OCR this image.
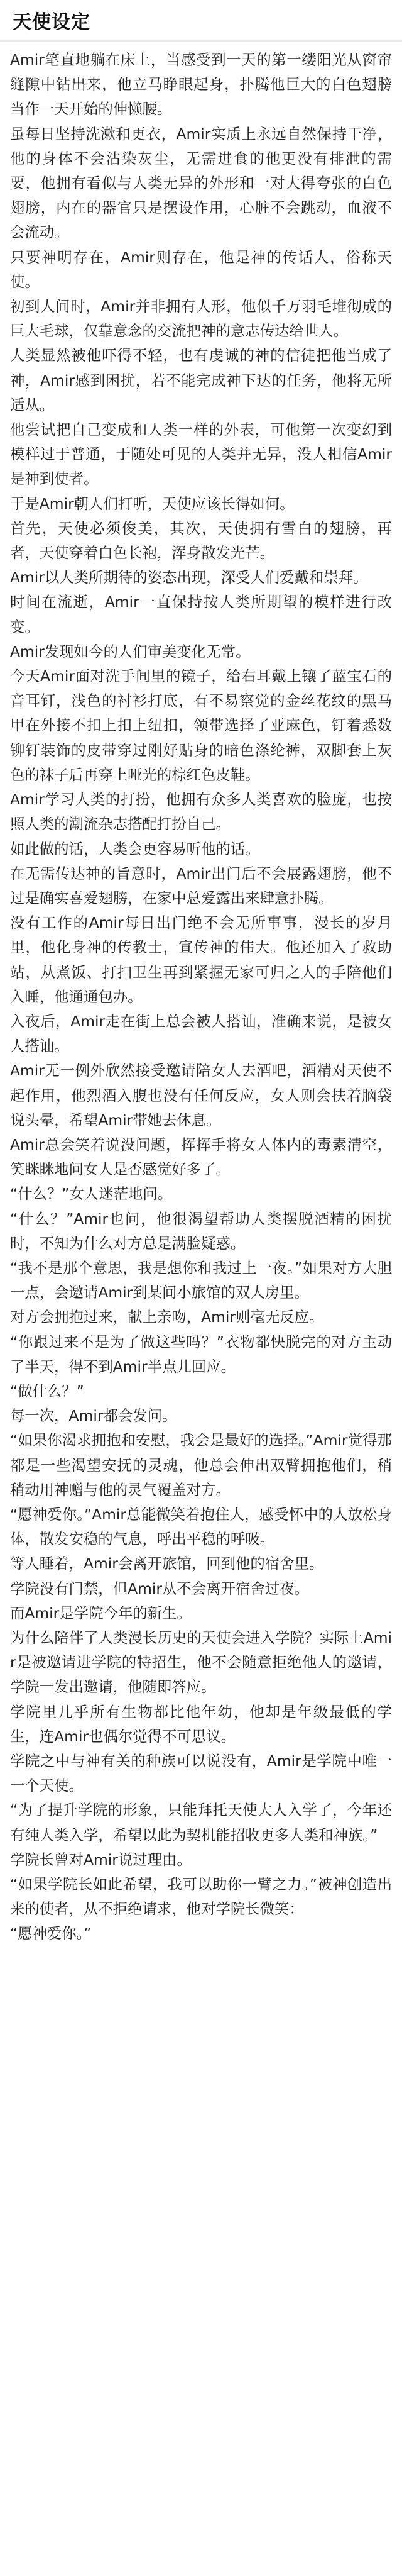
天使设定

Amir笔直地躺在床上，当感受到一天的第一缕阳光从窗帘缝隙中钻出来，他立马睁眼起身，扑腾他巨大的白色翅膀当作一天开始的伸懒腰。

虽每日坚持洗漱和更衣，Amir实质上永远自然保持干净，他的身体不会沾染灰尘，无需进食的他更没有排泄的需要，他拥有看似与人类无异的外形和一对大得夸张的白色翅膀，内在的器官只是摆设作用，心脏不会跳动，血液不会流动。

只要神明存在，Amir则存在，他是神的传话人，俗称天使。

初到人间时，Amir并非拥有人形，他似千万羽毛堆彻成的巨大毛球，仅靠意念的交流把神的意志传达给世人。

人类显然被他吓得不轻，也有虔诚的神的信徒把他当成了神，Amir感到困扰，若不能完成神下达的任务，他将无所适从。

他尝试把自己变成和人类一样的外表，可他第一次变幻到模样过于普通，于随处可见的人类并无异，没人相信Amir是神到使者。

于是Amir朝人们打听，天使应该长得如何。

首先，天使必须俊美，其次，天使拥有雪白的翅膀，再者，天使穿着白色长袍，浑身散发光芒。

Amir以人类所期待的姿态出现，深受人们爱戴和崇拜。

时间在流逝，Amir一直保持按人类所期望的模样进行改变。

Amir发现如今的人们审美变化无常。

今天Amir面对洗手间里的镜子，给右耳戴上镶了蓝宝石的音耳钉，浅色的衬衫打底，有不易察觉的金丝花纹的黑马甲在外接不扣上扣上纽扣，领带选择了亚麻色，钉着悉数铆钉装饰的皮带穿过刚好贴身的暗色涤纶裤，双脚套上灰色的袜子后再穿上哑光的棕红色皮鞋。

Amir学习人类的打扮，他拥有众多人类喜欢的脸庞，也按照人类的潮流杂志搭配打扮自己。

如此做的话，人类会更容易听他的话。

在无需传达神的旨意时，Amir出门后不会展露翅膀，他不过是确实喜爱翅膀，在家中总爱露出来肆意扑腾。

没有工作的Amir每日出门绝不会无所事事，漫长的岁月里，他化身神的传教士，宣传神的伟大。他还加入了救助站，从煮饭、打扫卫生再到紧握无家可归之人的手陪他们入睡，他通通包办。

入夜后，Amir走在街上总会被人搭讪，准确来说，是被女人搭讪。

Amir无一例外欣然接受邀请陪女人去酒吧，酒精对天使不起作用，他烈酒入腹也没有任何反应，女人则会扶着脑袋说头晕，希望Amir带她去休息。

Amir总会笑着说没问题，挥挥手将女人体内的毒素清空，笑眯眯地问女人是否感觉好多了。

“什么？”女人迷茫地问。

“什么？”Amir也问，他很渴望帮助人类摆脱酒精的困扰时，不知为什么对方总是满脸疑惑。

“我不是那个意思，我是想你和我过上一夜。”如果对方大胆一点，会邀请Amir到某间小旅馆的双人房里。

对方会拥抱过来，献上亲吻，Amir则毫无反应。

“你跟过来不是为了做这些吗？”衣物都快脱完的对方主动了半天，得不到Amir半点儿回应。

“做什么？”

每一次，Amir都会发问。

“如果你渴求拥抱和安慰，我会是最好的选择。”Amir觉得那都是一些渴望安抚的灵魂，他总会伸出双臂拥抱他们，稍稍动用神赠与他的灵气覆盖对方。

“愿神爱你。”Amir总能微笑着抱住人，感受怀中的人放松身体，散发安稳的气息，呼出平稳的呼吸。

等人睡着，Amir会离开旅馆，回到他的宿舍里。

学院没有门禁，但Amir从不会离开宿舍过夜。

而Amir是学院今年的新生。

为什么陪伴了人类漫长历史的天使会进入学院？实际上Amir是被邀请进学院的特招生，他不会随意拒绝他人的邀请，学院一发出邀请，他随即答应。

学院里几乎所有生物都比他年幼，他却是年级最低的学生，连Amir也偶尔觉得不可思议。

学院之中与神有关的种族可以说没有，Amir是学院中唯一一个天使。

“为了提升学院的形象，只能拜托天使大人入学了，今年还有纯人类入学，希望以此为契机能招收更多人类和神族。”

学院长曾对Amir说过理由。

“如果学院长如此希望，我可以助你一臂之力。”被神创造出来的使者，从不拒绝请求，他对学院长微笑：

“愿神爱你。”
